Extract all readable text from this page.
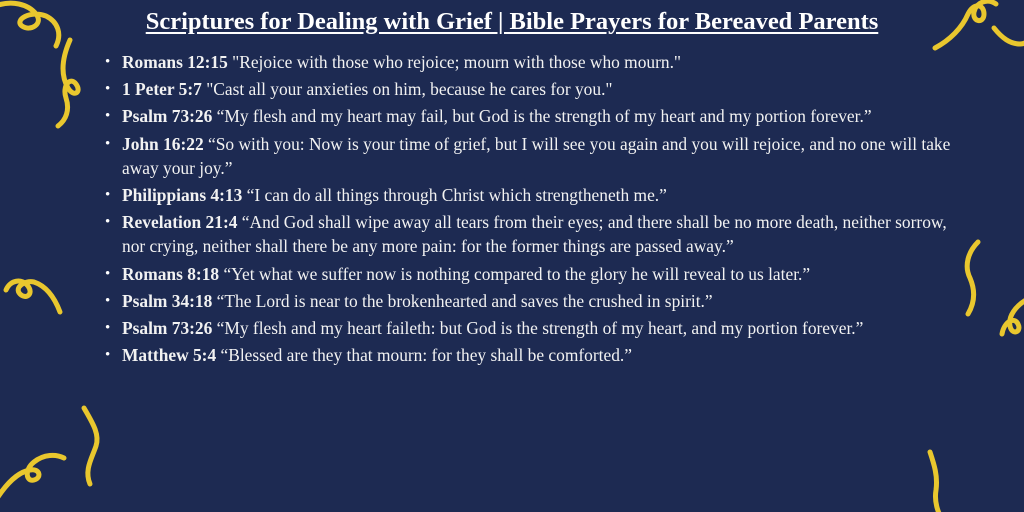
Scriptures for Dealing with Grief | Bible Prayers for Bereaved Parents
• Romans 12:15 "Rejoice with those who rejoice; mourn with those who mourn."
• 1 Peter 5:7 "Cast all your anxieties on him, because he cares for you."
• Psalm 73:26 “My flesh and my heart may fail, but God is the strength of my heart and my portion forever.”
• John 16:22 “So with you: Now is your time of grief, but I will see you again and you will rejoice, and no one will take away your joy.”
• Philippians 4:13 “I can do all things through Christ which strengtheneth me.”
• Revelation 21:4 “And God shall wipe away all tears from their eyes; and there shall be no more death, neither sorrow, nor crying, neither shall there be any more pain: for the former things are passed away.”
• Romans 8:18 “Yet what we suffer now is nothing compared to the glory he will reveal to us later.”
• Psalm 34:18 “The Lord is near to the brokenhearted and saves the crushed in spirit.”
• Psalm 73:26 “My flesh and my heart faileth: but God is the strength of my heart, and my portion forever.”
• Matthew 5:4 “Blessed are they that mourn: for they shall be comforted.”
